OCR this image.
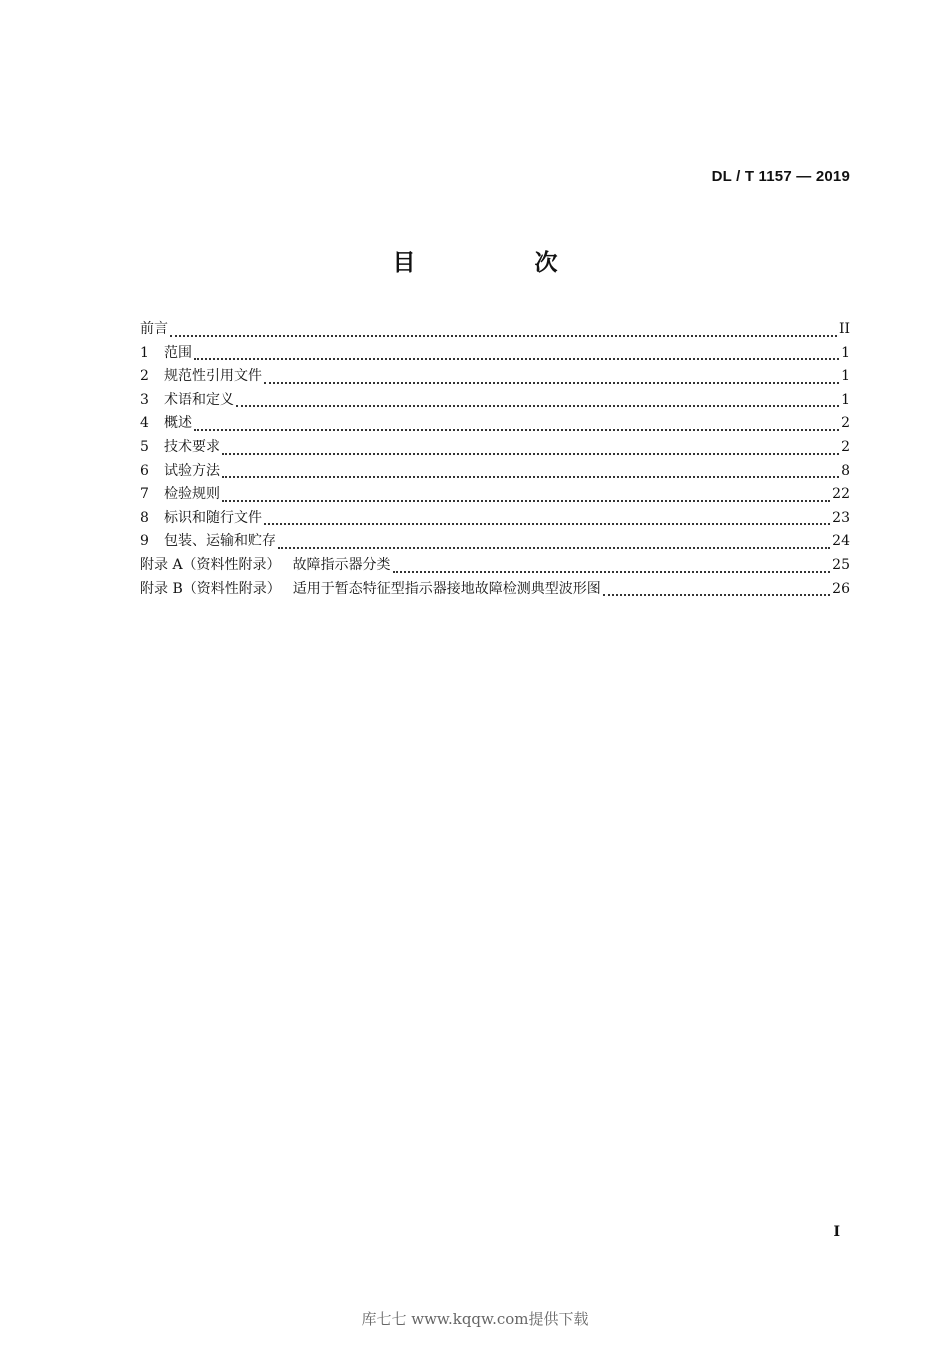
DL / T 1157 — 2019
目　次
前言	II
1	范围	1
2	规范性引用文件	1
3	术语和定义	1
4	概述	2
5	技术要求	2
6	试验方法	8
7	检验规则	22
8	标识和随行文件	23
9	包装、运输和贮存	24
附录 A（资料性附录） 故障指示器分类	25
附录 B（资料性附录） 适用于暂态特征型指示器接地故障检测典型波形图	26
I
库七七 www.kqqw.com提供下载
